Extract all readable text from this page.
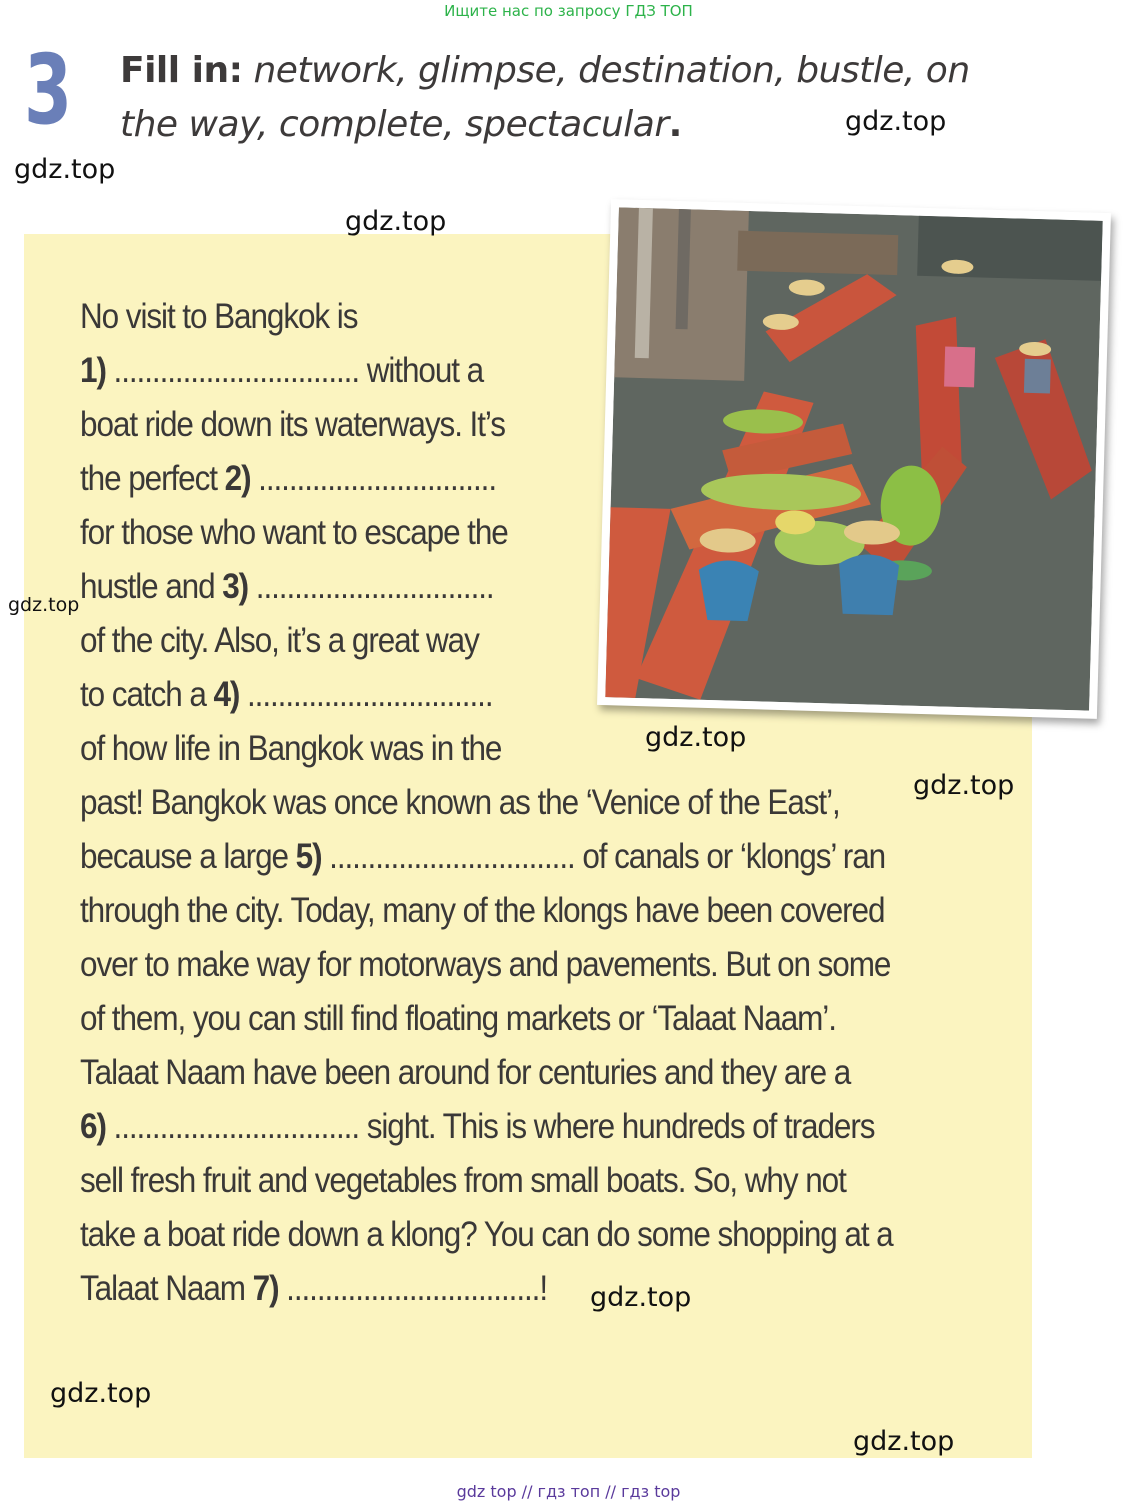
Ищите нас по запросу ГДЗ ТОП
3 Fill in: network, glimpse, destination, bustle, on the way, complete, spectacular.
No visit to Bangkok is
1) ................................ without a
boat ride down its waterways. It’s
the perfect 2) ...............................
for those who want to escape the
hustle and 3) ...............................
of the city. Also, it’s a great way
to catch a 4) ................................
of how life in Bangkok was in the
past! Bangkok was once known as the ‘Venice of the East’,
because a large 5) ................................ of canals or ‘klongs’ ran
through the city. Today, many of the klongs have been covered
over to make way for motorways and pavements. But on some
of them, you can still find floating markets or ‘Talaat Naam’.
Talaat Naam have been around for centuries and they are a
6) ................................ sight. This is where hundreds of traders
sell fresh fruit and vegetables from small boats. So, why not
take a boat ride down a klong? You can do some shopping at a
Talaat Naam 7) .................................!
gdz.top
gdz.top
gdz.top
gdz.top
gdz.top
gdz.top
gdz.top
gdz.top
gdz.top
gdz top // гдз топ // гдз top
